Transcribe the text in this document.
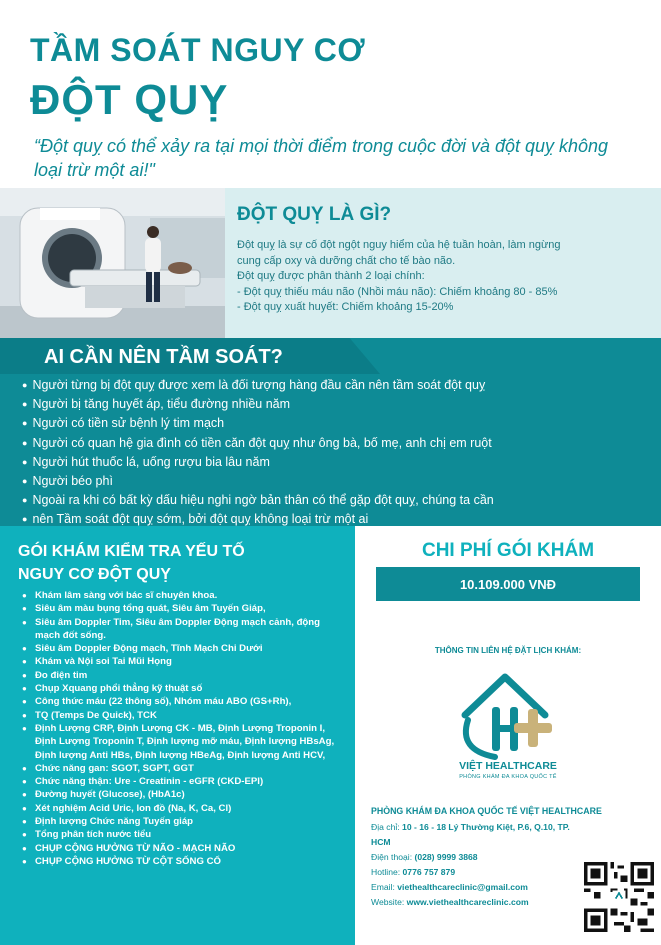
TẦM SOÁT NGUY CƠ
ĐỘT QUỴ
“Đột quỵ có thể xảy ra tại mọi thời điểm trong cuộc đời và đột quỵ không loại trừ một ai!"
ĐỘT QUỴ LÀ GÌ?
Đột quỵ là sự cố đột ngột nguy hiểm của hệ tuần hoàn, làm ngừng
cung cấp oxy và dưỡng chất cho tế bào não.
Đột quỵ được phân thành 2 loại chính:
- Đột quỵ thiếu máu não (Nhồi máu não): Chiếm khoảng 80 - 85%
- Đột quỵ xuất huyết: Chiếm khoảng 15-20%
AI CẦN NÊN TẦM SOÁT?
● Người từng bị đột quỵ được xem là đối tượng hàng đầu cần nên tầm soát đột quỵ
● Người bị tăng huyết áp, tiểu đường nhiều năm
● Người có tiền sử bệnh lý tim mạch
● Người có quan hệ gia đình có tiền căn đột quỵ như ông bà, bố mẹ, anh chị em ruột
● Người hút thuốc lá, uống rượu bia lâu năm
● Người béo phì
● Ngoài ra khi có bất kỳ dấu hiệu nghi ngờ bản thân có thể gặp đột quỵ, chúng ta cần
● nên Tầm soát đột quỵ sớm, bởi đột quỵ không loại trừ một ai
GÓI KHÁM KIỂM TRA YẾU TỐ
NGUY CƠ ĐỘT QUỴ
● Khám lâm sàng với bác sĩ chuyên khoa.
● Siêu âm màu bụng tổng quát, Siêu âm Tuyến Giáp,
● Siêu âm Doppler Tim, Siêu âm Doppler Động mạch cảnh, động mạch đốt sống.
● Siêu âm Doppler Động mạch, Tĩnh Mạch Chi Dưới
● Khám và Nội soi Tai Mũi Họng
● Đo điện tim
● Chụp Xquang phổi thẳng kỹ thuật số
● Công thức máu (22 thông số), Nhóm máu ABO (GS+Rh),
● TQ (Temps De Quick), TCK
● Định Lượng CRP, Định Lượng CK - MB, Định Lượng Troponin I, Định Lượng Troponin T, Định lượng mỡ máu, Định lượng HBsAg, Định lượng Anti HBs, Định lượng HBeAg, Định lượng Anti HCV,
● Chức năng gan: SGOT, SGPT, GGT
● Chức năng thận: Ure - Creatinin - eGFR (CKD-EPI)
● Đường huyết (Glucose), (HbA1c)
● Xét nghiệm Acid Uric, Ion đồ (Na, K, Ca, Cl)
● Định lượng Chức năng Tuyến giáp
● Tổng phân tích nước tiểu
● CHỤP CỘNG HƯỞNG TỪ NÃO - MẠCH NÃO
● CHỤP CỘNG HƯỞNG TỪ CỘT SỐNG CỔ
CHI PHÍ GÓI KHÁM
10.109.000 VNĐ
THÔNG TIN LIÊN HỆ ĐẶT LỊCH KHÁM:
VIỆT HEALTHCARE
PHÒNG KHÁM ĐA KHOA QUỐC TẾ
PHÒNG KHÁM ĐA KHOA QUỐC TẾ VIỆT HEALTHCARE
Địa chỉ: 10 - 16 - 18 Lý Thường Kiệt, P.6, Q.10, TP. HCM
Điện thoại: (028) 9999 3868
Hotline: 0776 757 879
Email: viethealthcareclinic@gmail.com
Website: www.viethealthcareclinic.com
